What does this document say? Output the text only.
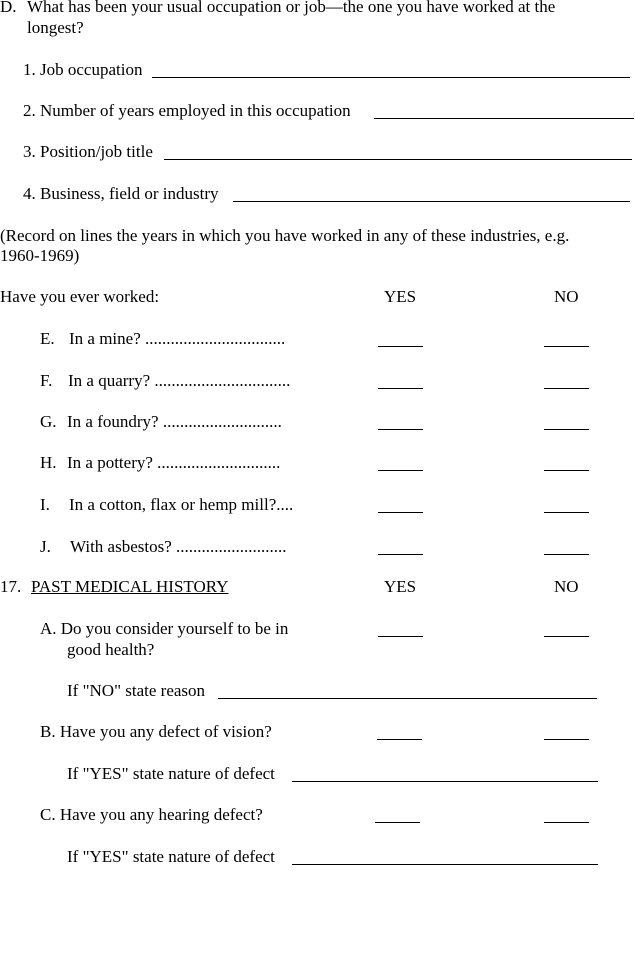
D. What has been your usual occupation or job—the one you have worked at the
longest?
1. Job occupation
2. Number of years employed in this occupation
3. Position/job title
4. Business, field or industry
(Record on lines the years in which you have worked in any of these industries, e.g.
1960-1969)
Have you ever worked:	YES	NO
E. In a mine? .................................
F. In a quarry? ................................
G. In a foundry? ............................
H. In a pottery? .............................
I. In a cotton, flax or hemp mill?....
J. With asbestos? ..........................
17. PAST MEDICAL HISTORY	YES	NO
A. Do you consider yourself to be in
good health?
If "NO" state reason
B. Have you any defect of vision?
If "YES" state nature of defect
C. Have you any hearing defect?
If "YES" state nature of defect
